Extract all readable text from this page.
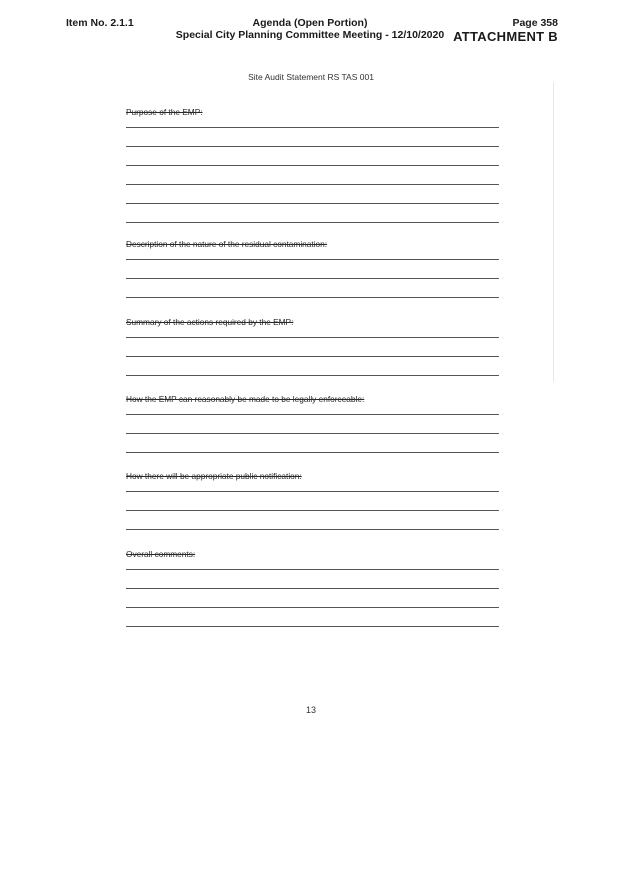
Item No. 2.1.1	Agenda (Open Portion)
Special City Planning Committee Meeting - 12/10/2020
Page 358
ATTACHMENT B
Site Audit Statement RS TAS 001
Purpose of the EMP:
Description of the nature of the residual contamination:
Summary of the actions required by the EMP:
How the EMP can reasonably be made to be legally enforceable:
How there will be appropriate public notification:
Overall comments:
13
